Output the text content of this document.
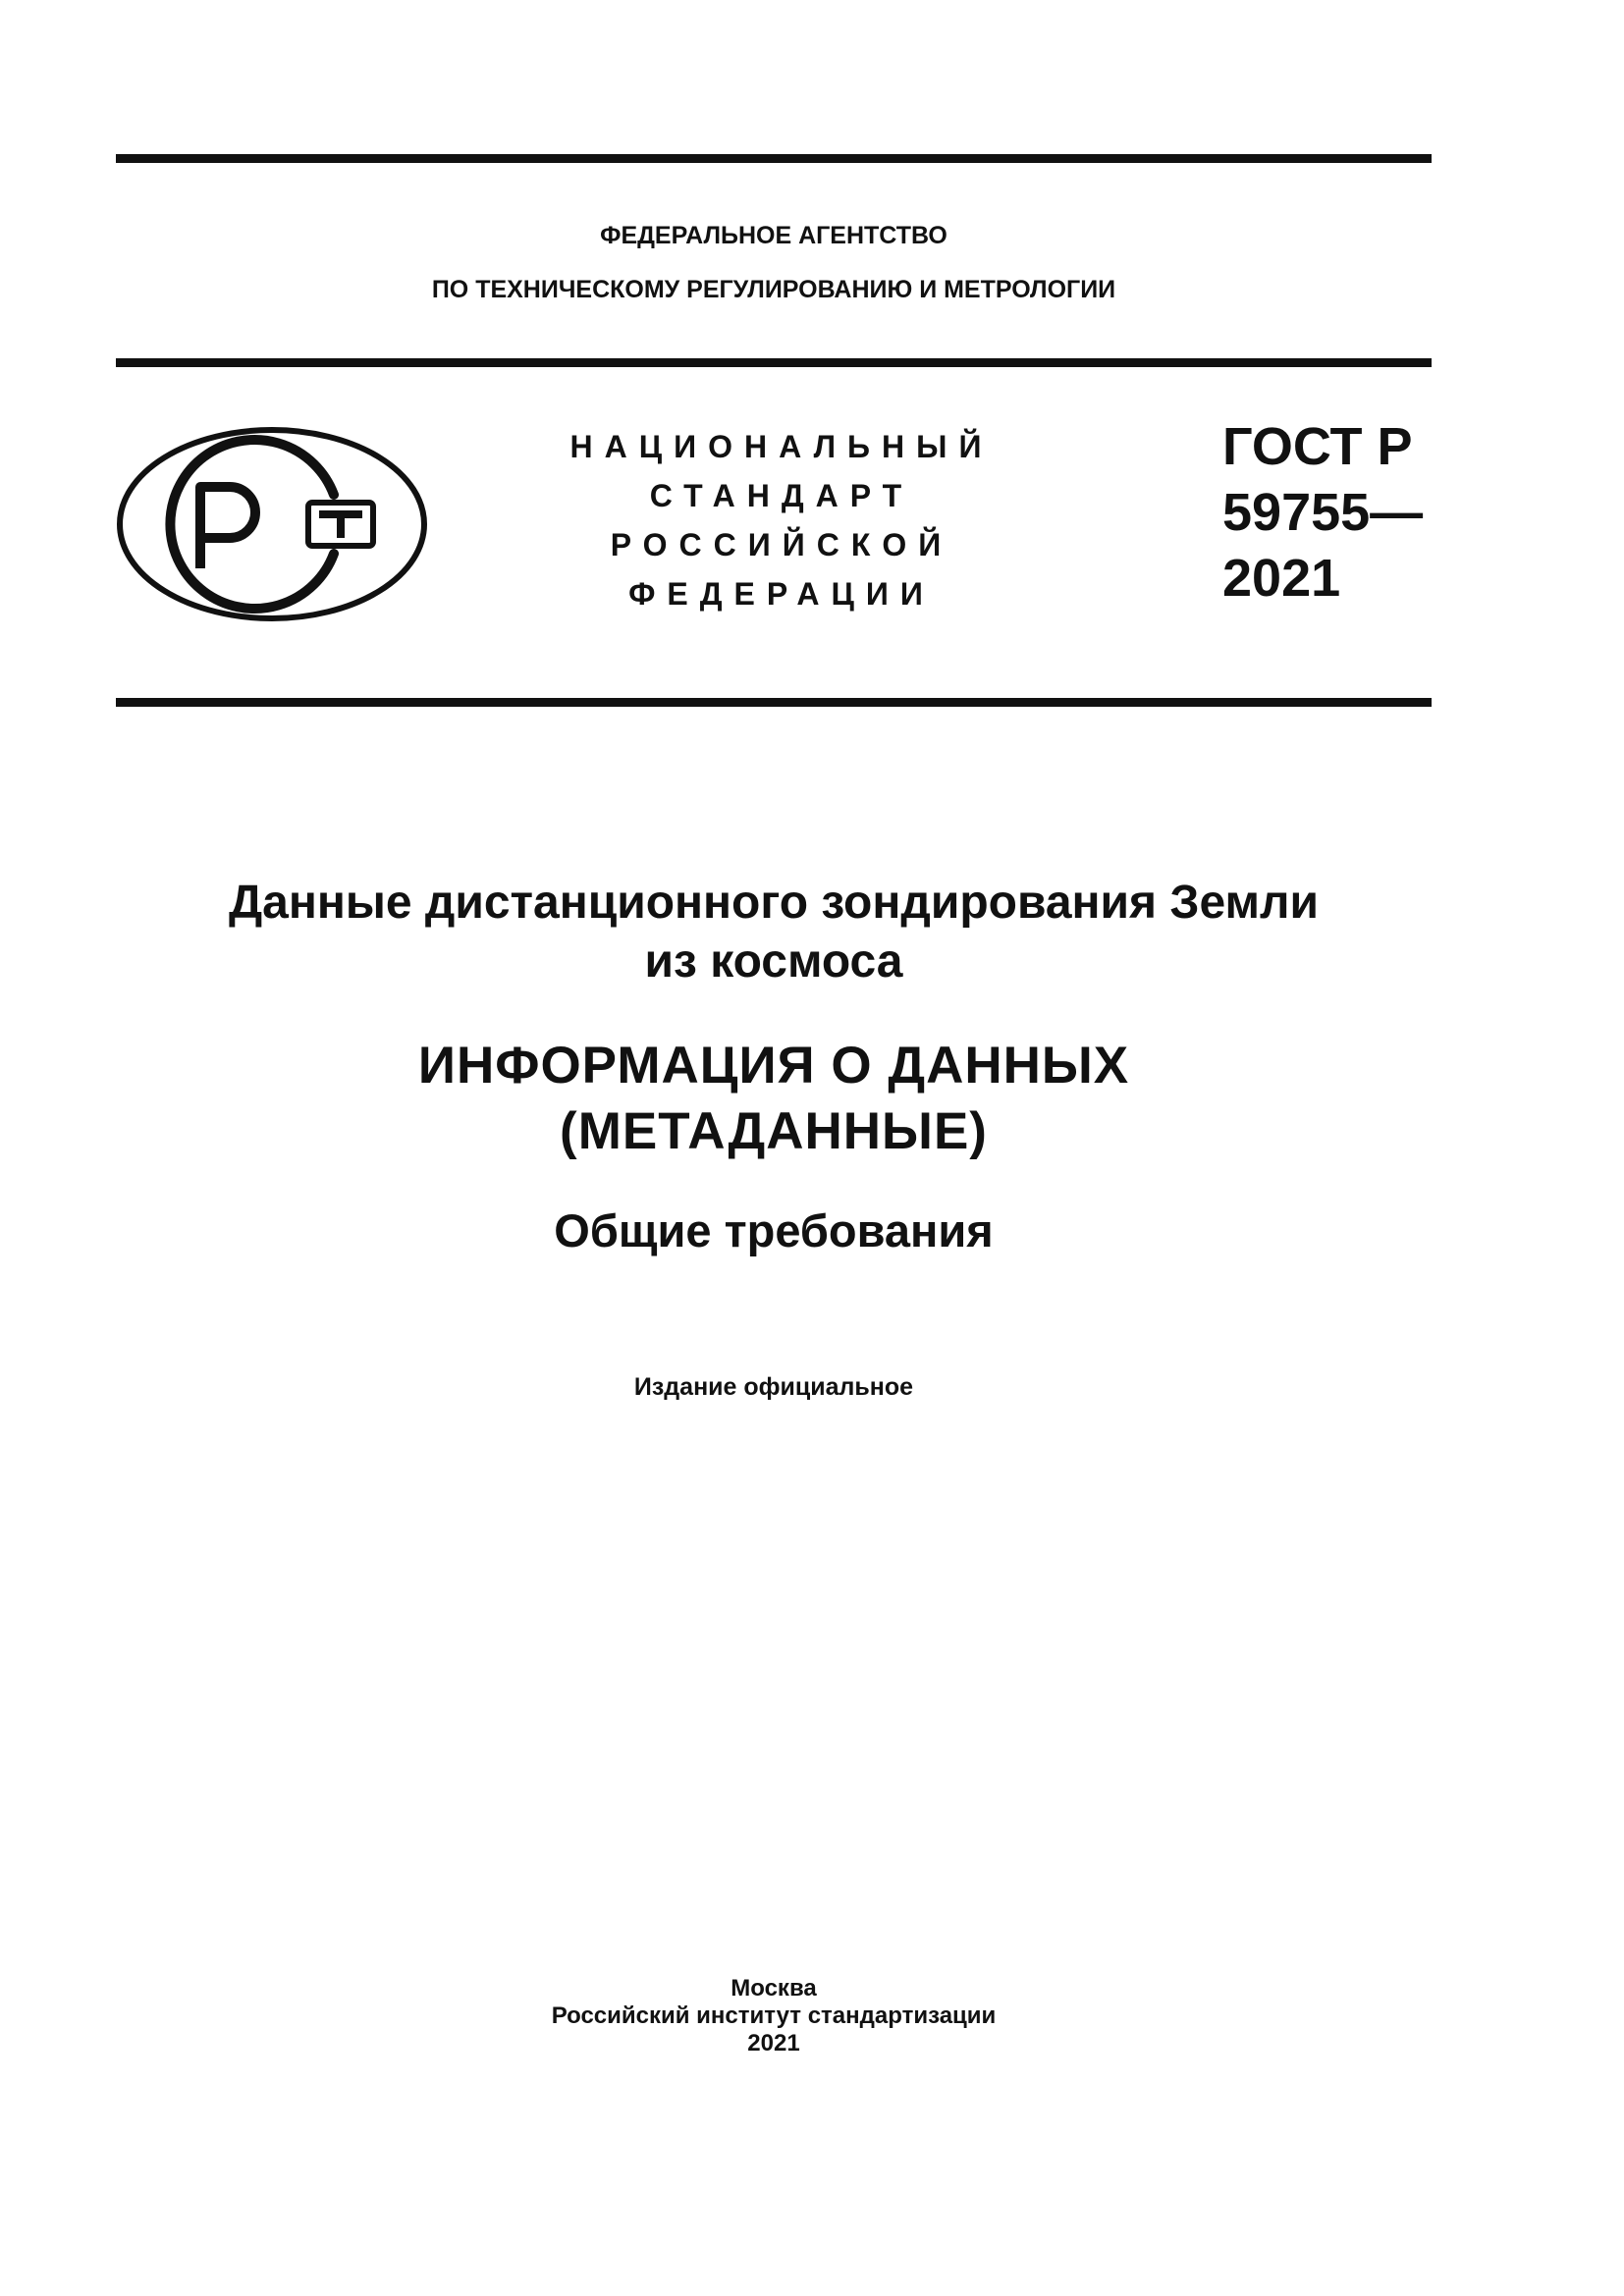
ФЕДЕРАЛЬНОЕ АГЕНТСТВО
ПО ТЕХНИЧЕСКОМУ РЕГУЛИРОВАНИЮ И МЕТРОЛОГИИ
НАЦИОНАЛЬНЫЙ
СТАНДАРТ
РОССИЙСКОЙ
ФЕДЕРАЦИИ
ГОСТ Р
59755—
2021
Данные дистанционного зондирования Земли
из космоса
ИНФОРМАЦИЯ О ДАННЫХ
(МЕТАДАННЫЕ)
Общие требования
Издание официальное
Москва
Российский институт стандартизации
2021
